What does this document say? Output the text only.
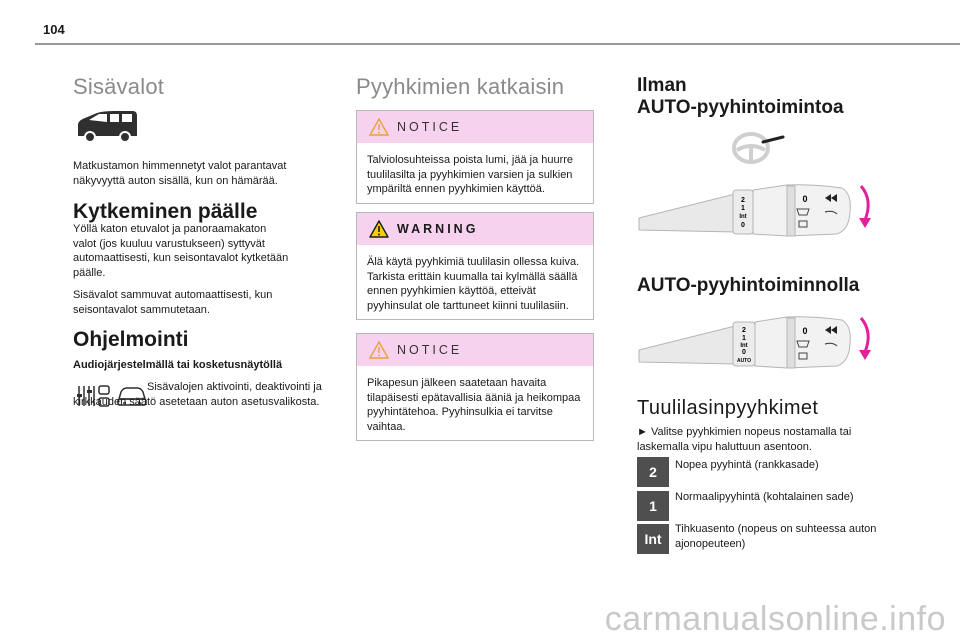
104
Sisävalot
Matkustamon himmennetyt valot parantavat näkyvyyttä auton sisällä, kun on hämärää.
Kytkeminen päälle
Yöllä katon etuvalot ja panoraamakaton valot (jos kuuluu varustukseen) syttyvät automaattisesti, kun seisontavalot kytketään päälle.
Sisävalot sammuvat automaattisesti, kun seisontavalot sammutetaan.
Ohjelmointi
Audiojärjestelmällä tai kosketusnäytöllä
Sisävalojen aktivointi, deaktivointi ja kirkkauden säätö asetetaan auton asetusvalikosta.
Pyyhkimien katkaisin
NOTICE
Talviolosuhteissa poista lumi, jää ja huurre tuulilasilta ja pyyhkimien varsien ja sulkien ympäriltä ennen pyyhkimien käyttöä.
WARNING
Älä käytä pyyhkimiä tuulilasin ollessa kuiva. Tarkista erittäin kuumalla tai kylmällä säällä ennen pyyhkimien käyttöä, etteivät pyyhinsulat ole tarttuneet kiinni tuulilasiin.
NOTICE
Pikapesun jälkeen saatetaan havaita tilapäisesti epätavallisia ääniä ja heikompaa pyyhintätehoa. Pyyhinsulkia ei tarvitse vaihtaa.
Ilman
AUTO-pyyhintoimintoa
2
1
Int
0
0
AUTO-pyyhintoiminnolla
2
1
Int
0
AUTO
0
Tuulilasinpyyhkimet
► Valitse pyyhkimien nopeus nostamalla tai laskemalla vipu haluttuun asentoon.
2	Nopea pyyhintä (rankkasade)
1
Normaalipyyhintä (kohtalainen sade)
Int
Tihkuasento (nopeus on suhteessa auton ajonopeuteen)
carmanualsonline.info
